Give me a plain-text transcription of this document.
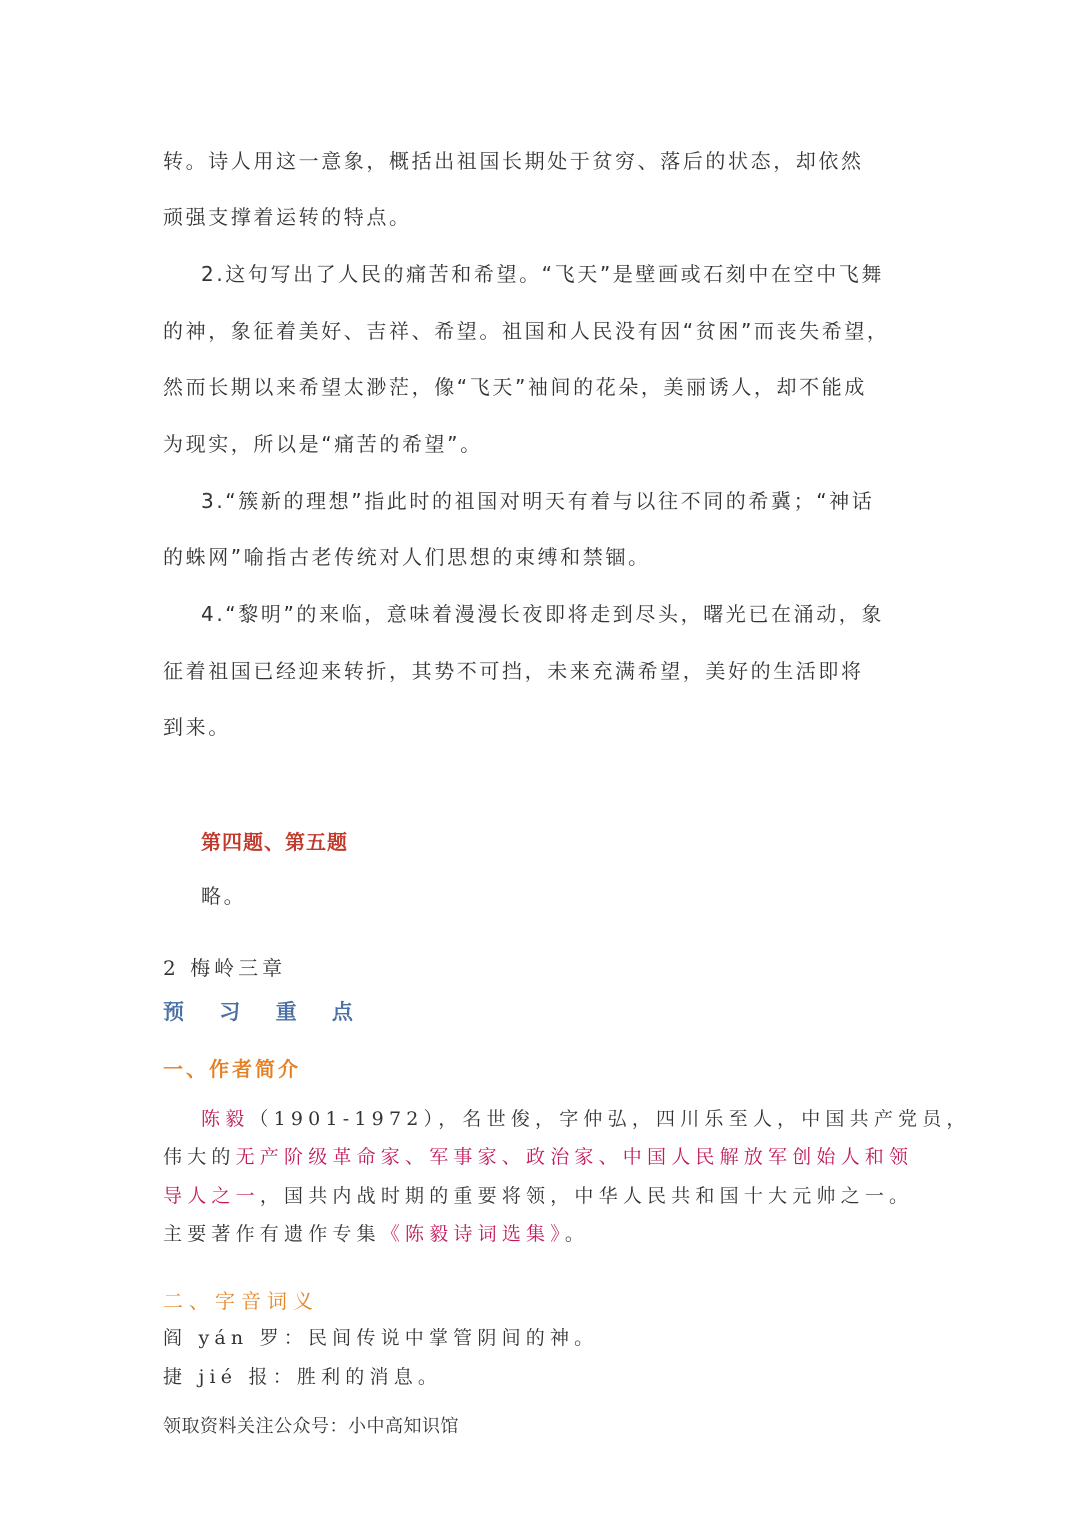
转。诗人用这一意象，概括出祖国长期处于贫穷、落后的状态，却依然
顽强支撑着运转的特点。
2.这句写出了人民的痛苦和希望。“飞天”是壁画或石刻中在空中飞舞
的神，象征着美好、吉祥、希望。祖国和人民没有因“贫困”而丧失希望，
然而长期以来希望太渺茫，像“飞天”袖间的花朵，美丽诱人，却不能成
为现实，所以是“痛苦的希望”。
3.“簇新的理想”指此时的祖国对明天有着与以往不同的希冀；“神话
的蛛网”喻指古老传统对人们思想的束缚和禁锢。
4.“黎明”的来临，意味着漫漫长夜即将走到尽头，曙光已在涌动，象
征着祖国已经迎来转折，其势不可挡，未来充满希望，美好的生活即将
到来。
第四题、第五题
略。
2 梅岭三章
预 习 重 点
一、作者简介
陈毅（1901-1972），名世俊，字仲弘，四川乐至人，中国共产党员，
伟大的无产阶级革命家、军事家、政治家、中国人民解放军创始人和领
导人之一，国共内战时期的重要将领，中华人民共和国十大元帅之一。
主要著作有遗作专集《陈毅诗词选集》。
二、字音词义
阎 yán 罗：民间传说中掌管阴间的神。
捷 jié 报：胜利的消息。
领取资料关注公众号：小中高知识馆
